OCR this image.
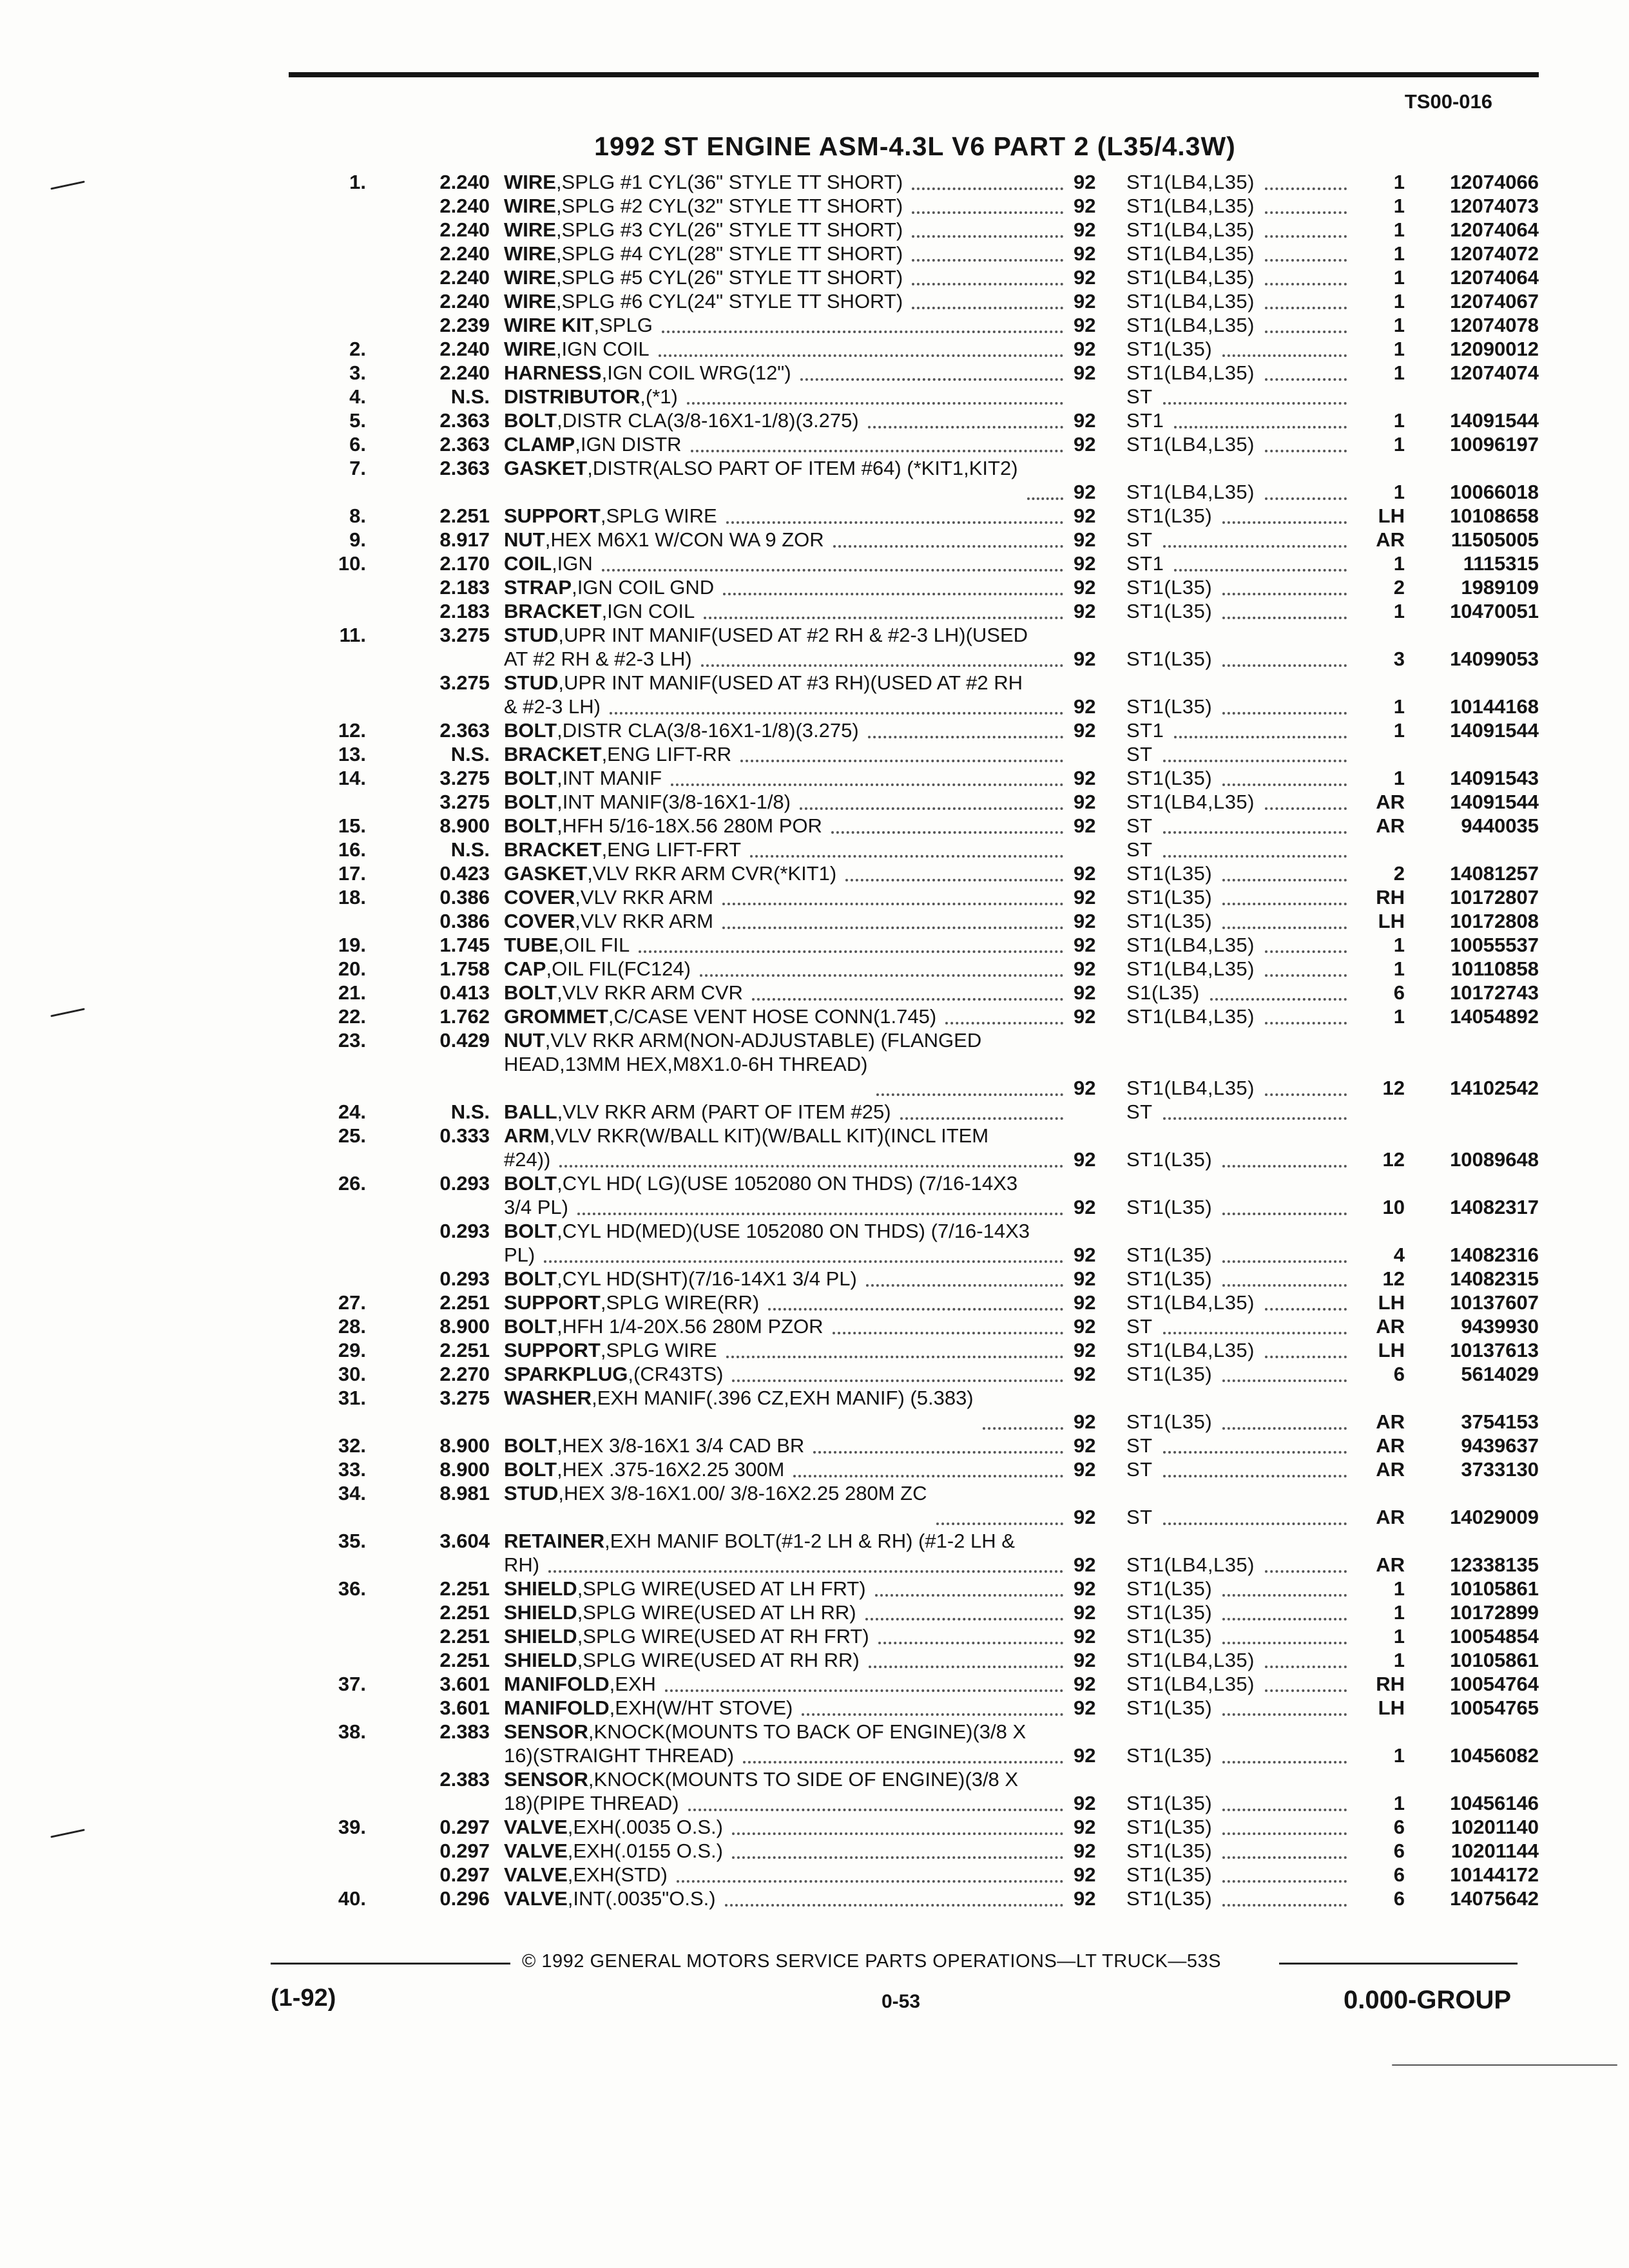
TS00-016
1992 ST ENGINE ASM-4.3L V6 PART 2 (L35/4.3W)
1.	2.240 WIRE,SPLG #1 CYL(36" STYLE TT SHORT)	92 ST1(LB4,L35)	1 12074066
2.240 WIRE,SPLG #2 CYL(32" STYLE TT SHORT)	92 ST1(LB4,L35)	1 12074073
2.240 WIRE,SPLG #3 CYL(26" STYLE TT SHORT)	92 ST1(LB4,L35)	1 12074064
2.240 WIRE,SPLG #4 CYL(28" STYLE TT SHORT)	92 ST1(LB4,L35)	1 12074072
2.240 WIRE,SPLG #5 CYL(26" STYLE TT SHORT)	92 ST1(LB4,L35)	1 12074064
2.240 WIRE,SPLG #6 CYL(24" STYLE TT SHORT)	92 ST1(LB4,L35)	1 12074067
2.239 WIRE KIT,SPLG	92 ST1(LB4,L35)	1 12074078
2.	2.240 WIRE,IGN COIL	92 ST1(L35)	1 12090012
3.	2.240 HARNESS,IGN COIL WRG(12")	92 ST1(LB4,L35)	1 12074074
4.	N.S. DISTRIBUTOR,(*1)	ST
5.	2.363 BOLT,DISTR CLA(3/8-16X1-1/8)(3.275)	92 ST1	1 14091544
6.	2.363 CLAMP,IGN DISTR	92 ST1(LB4,L35)	1 10096197
7.	2.363 GASKET,DISTR(ALSO PART OF ITEM #64) (*KIT1,KIT2)
92 ST1(LB4,L35)	1 10066018
8.	2.251 SUPPORT,SPLG WIRE	92 ST1(L35)	LH 10108658
9.	8.917 NUT,HEX M6X1 W/CON WA 9 ZOR	92 ST	AR 11505005
10.	2.170 COIL,IGN	92 ST1	1	1115315
2.183 STRAP,IGN COIL GND	92 ST1(L35)	2	1989109
2.183 BRACKET,IGN COIL	92 ST1(L35)	1 10470051
11.	3.275 STUD,UPR INT MANIF(USED AT #2 RH & #2-3 LH)(USED AT #2 RH & #2-3 LH)	92 ST1(L35)	3 14099053
3.275 STUD,UPR INT MANIF(USED AT #3 RH)(USED AT #2 RH & #2-3 LH)	92 ST1(L35)	1 10144168
12.	2.363 BOLT,DISTR CLA(3/8-16X1-1/8)(3.275)	92 ST1	1 14091544
13.	N.S. BRACKET,ENG LIFT-RR	ST
14.	3.275 BOLT,INT MANIF	92 ST1(L35)	1 14091543
3.275 BOLT,INT MANIF(3/8-16X1-1/8)	92 ST1(LB4,L35)	AR 14091544
15.	8.900 BOLT,HFH 5/16-18X.56 280M POR	92 ST	AR	9440035
16.	N.S. BRACKET,ENG LIFT-FRT	ST
17.	0.423 GASKET,VLV RKR ARM CVR(*KIT1)	92 ST1(L35)	2 14081257
18.	0.386 COVER,VLV RKR ARM	92 ST1(L35)	RH 10172807
0.386 COVER,VLV RKR ARM	92 ST1(L35)	LH 10172808
19.	1.745 TUBE,OIL FIL	92 ST1(LB4,L35)	1 10055537
20.	1.758 CAP,OIL FIL(FC124)	92 ST1(LB4,L35)	1 10110858
21.	0.413 BOLT,VLV RKR ARM CVR	92 S1(L35)	6 10172743
22.	1.762 GROMMET,C/CASE VENT HOSE CONN(1.745)	92 ST1(LB4,L35)	1 14054892
23.	0.429 NUT,VLV RKR ARM(NON-ADJUSTABLE) (FLANGED HEAD,13MM HEX,M8X1.0-6H THREAD)
92 ST1(LB4,L35)	12 14102542
24.	N.S. BALL,VLV RKR ARM (PART OF ITEM #25)	ST
25.	0.333 ARM,VLV RKR(W/BALL KIT)(W/BALL KIT)(INCL ITEM #24))	92 ST1(L35)	12 10089648
26.	0.293 BOLT,CYL HD( LG)(USE 1052080 ON THDS) (7/16-14X3 3/4 PL)	92 ST1(L35)	10 14082317
0.293 BOLT,CYL HD(MED)(USE 1052080 ON THDS) (7/16-14X3 PL)	92 ST1(L35)	4 14082316
0.293 BOLT,CYL HD(SHT)(7/16-14X1 3/4 PL)	92 ST1(L35)	12 14082315
27.	2.251 SUPPORT,SPLG WIRE(RR)	92 ST1(LB4,L35)	LH 10137607
28.	8.900 BOLT,HFH 1/4-20X.56 280M PZOR	92 ST	AR	9439930
29.	2.251 SUPPORT,SPLG WIRE	92 ST1(LB4,L35)	LH 10137613
30.	2.270 SPARKPLUG,(CR43TS)	92 ST1(L35)	6	5614029
31.	3.275 WASHER,EXH MANIF(.396 CZ,EXH MANIF) (5.383)
92 ST1(L35)	AR	3754153
32.	8.900 BOLT,HEX 3/8-16X1 3/4 CAD BR	92 ST	AR	9439637
33.	8.900 BOLT,HEX .375-16X2.25 300M	92 ST	AR	3733130
34.	8.981 STUD,HEX 3/8-16X1.00/ 3/8-16X2.25 280M ZC
92 ST	AR 14029009
35.	3.604 RETAINER,EXH MANIF BOLT(#1-2 LH & RH) (#1-2 LH & RH)	92 ST1(LB4,L35)	AR 12338135
36.	2.251 SHIELD,SPLG WIRE(USED AT LH FRT)	92 ST1(L35)	1 10105861
2.251 SHIELD,SPLG WIRE(USED AT LH RR)	92 ST1(L35)	1 10172899
2.251 SHIELD,SPLG WIRE(USED AT RH FRT)	92 ST1(L35)	1 10054854
2.251 SHIELD,SPLG WIRE(USED AT RH RR)	92 ST1(LB4,L35)	1 10105861
37.	3.601 MANIFOLD,EXH	92 ST1(LB4,L35)	RH 10054764
3.601 MANIFOLD,EXH(W/HT STOVE)	92 ST1(L35)	LH 10054765
38.	2.383 SENSOR,KNOCK(MOUNTS TO BACK OF ENGINE)(3/8 X 16)(STRAIGHT THREAD)	92 ST1(L35)	1 10456082
2.383 SENSOR,KNOCK(MOUNTS TO SIDE OF ENGINE)(3/8 X 18)(PIPE THREAD)	92 ST1(L35)	1 10456146
39.	0.297 VALVE,EXH(.0035 O.S.)	92 ST1(L35)	6 10201140
0.297 VALVE,EXH(.0155 O.S.)	92 ST1(L35)	6 10201144
0.297 VALVE,EXH(STD)	92 ST1(L35)	6 10144172
40.	0.296 VALVE,INT(.0035"O.S.)	92 ST1(L35)	6 14075642
© 1992 GENERAL MOTORS SERVICE PARTS OPERATIONS—LT TRUCK—53S
(1-92)	0-53	0.000-GROUP
